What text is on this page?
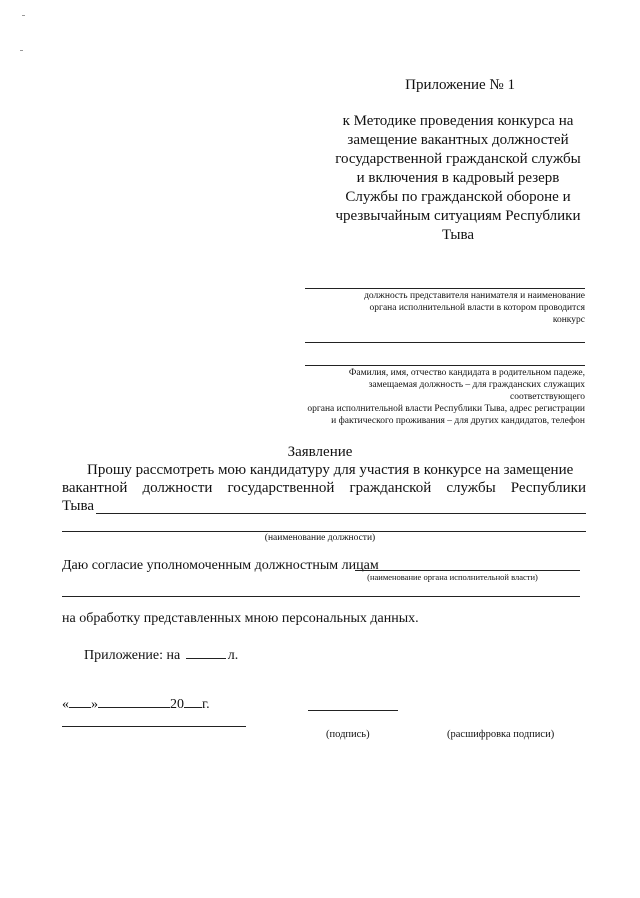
Приложение № 1
к Методике проведения конкурса на
замещение вакантных должностей
государственной гражданской службы
и включения в кадровый резерв
Службы по гражданской обороне и
чрезвычайным ситуациям Республики
Тыва
должность представителя нанимателя и наименование
органа исполнительной власти в котором проводится
конкурс
Фамилия, имя, отчество кандидата в родительном падеже,
замещаемая должность – для гражданских служащих
соответствующего
органа исполнительной власти Республики Тыва, адрес регистрации
и фактического проживания – для других кандидатов, телефон
Заявление
Прошу рассмотреть мою кандидатуру для участия в конкурсе на замещение
вакантной должности государственной гражданской службы Республики
Тыва
(наименование должности)
Даю согласие уполномоченным должностным лицам
(наименование органа исполнительной власти)
на обработку представленных мною персональных данных.
Приложение: на	л.
« »	20 г.
(подпись)	(расшифровка подписи)
